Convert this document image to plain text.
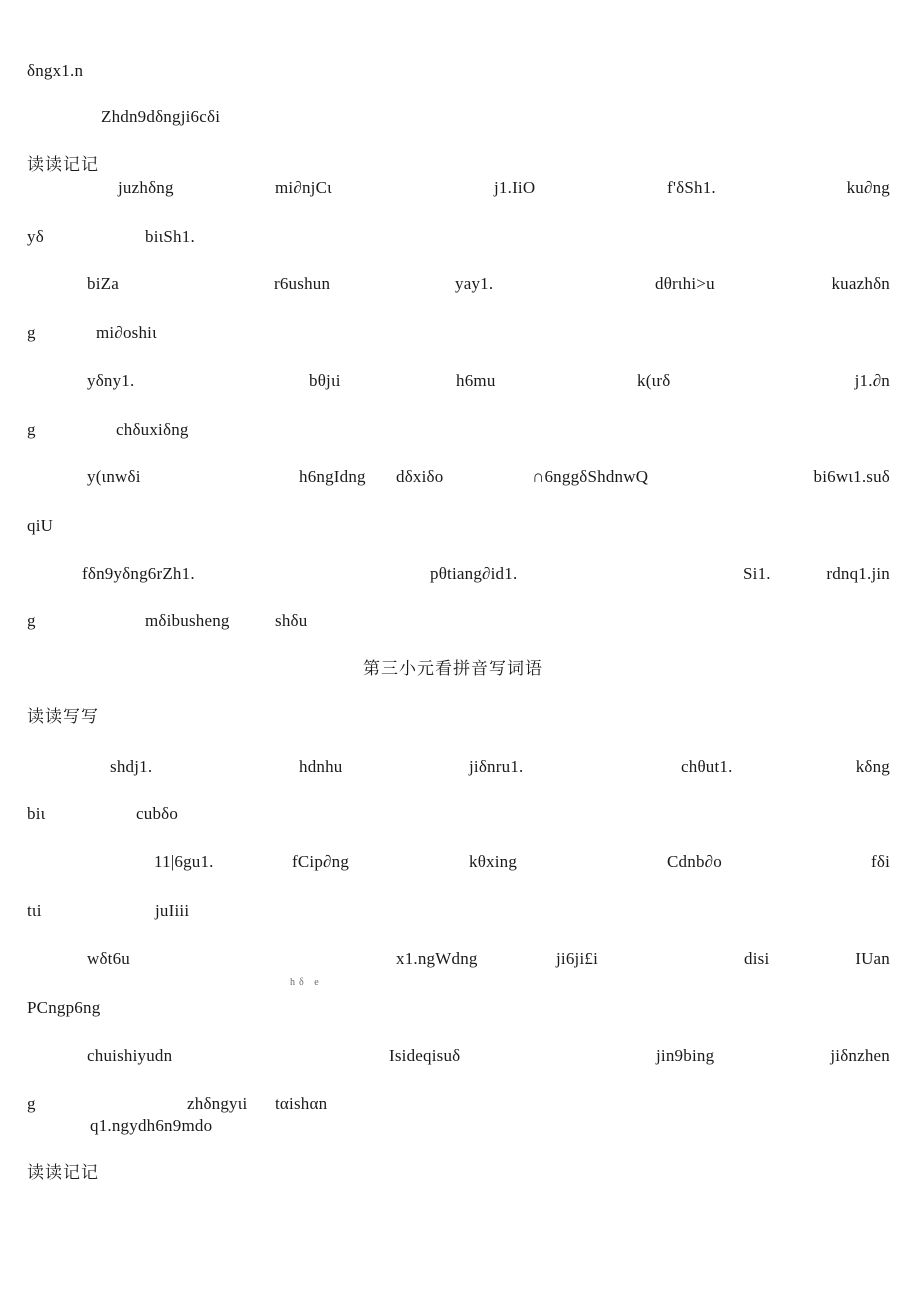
δngx1.n
Zhdn9dδngji6cδi
读读记记
juzhδng	mi∂njCι	j1.IiO	f'δSh1.	ku∂ng
yδ	biιSh1.
biZa	r6ushun	yay1.	dθrιhi>u	kuazhδn
g	mi∂oshiι
yδny1.	bθjιi	h6mu	k(ιrδ	j1.∂n
g	chδuxiδng
y(ιnwδi	h6ngIdng dδxiδo	∩6nggδShdnwQ	bi6wι1.suδ
qiU
fδn9yδng6rZh1.	pθtiang∂id1.	Si1.	rdnq1.jin
g	mδibusheng	shδu
第三小元看拼音写词语
读读写写
shdj1.	hdnhu	jiδnru1.	chθut1.	kδng
biι	cubδo
11|6gu1.	fCip∂ng	kθxing	Cdnb∂o	fδi
tιi	juIiii
wδt6u	x1.ngWdng	ji6ji£i	disi	IUan
hδ e
PCngp6ng
chuishiyudn	Isideqisuδ	jin9bing	jiδnzhen
g	zhδngyιi tαishαn
q1.ngydh6n9mdo
读读记记
